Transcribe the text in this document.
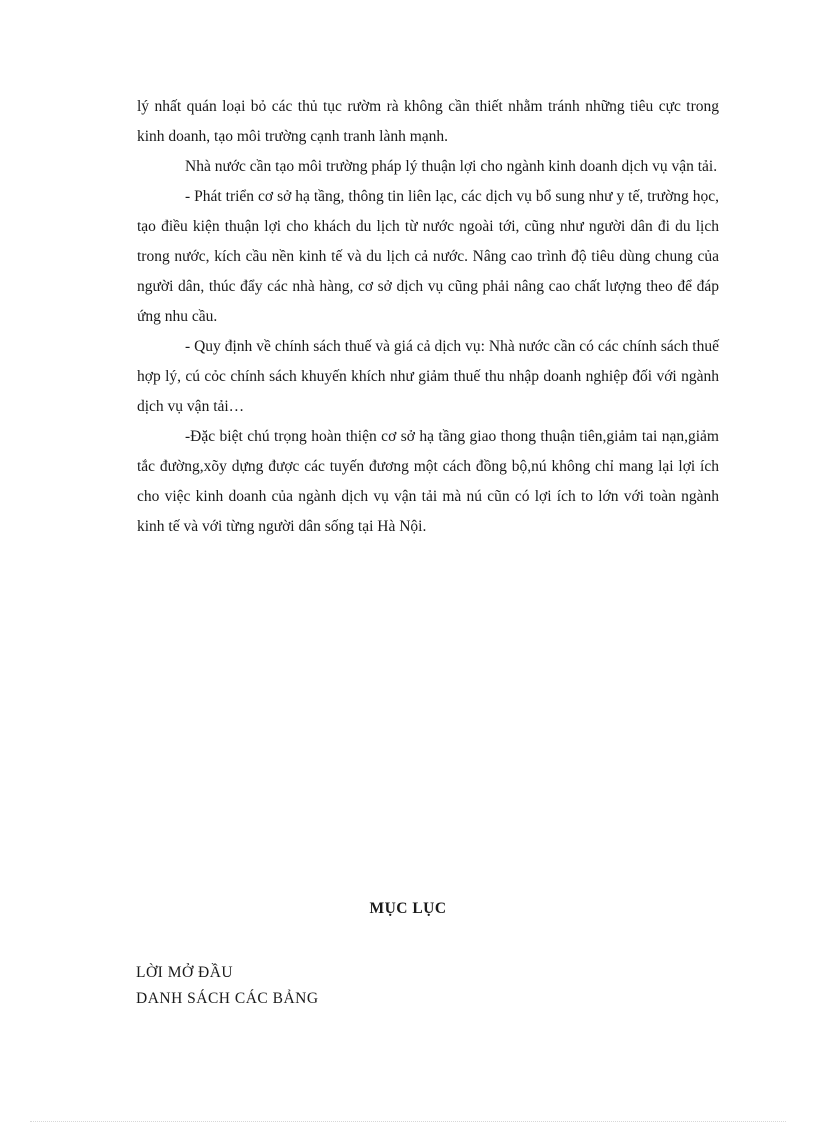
lý nhất quán loại bỏ các thủ tục rườm rà không cần thiết nhằm tránh những tiêu cực trong kinh doanh, tạo môi trường cạnh tranh lành mạnh.

Nhà nước cần tạo môi trường pháp lý thuận lợi cho ngành kinh doanh dịch vụ vận tải.

- Phát triển cơ sở hạ tầng, thông tin liên lạc, các dịch vụ bổ sung như y tế, trường học, tạo điều kiện thuận lợi cho khách du lịch từ nước ngoài tới, cũng như người dân đi du lịch trong nước, kích cầu nền kinh tế và du lịch cả nước. Nâng cao trình độ tiêu dùng chung của người dân, thúc đẩy các nhà hàng, cơ sở dịch vụ cũng phải nâng cao chất lượng theo để đáp ứng nhu cầu.

- Quy định về chính sách thuế và giá cả dịch vụ: Nhà nước cần có các chính sách thuế hợp lý, cú cỏc chính sách khuyến khích như giảm thuế thu nhập doanh nghiệp đối với ngành dịch vụ vận tải…

-Đặc biệt chú trọng hoàn thiện cơ sở hạ tầng giao thong thuận tiên,giảm tai nạn,giảm tắc đường,xõy dựng được các tuyến đương một cách đồng bộ,nú không chỉ mang lại lợi ích cho việc kinh doanh của ngành dịch vụ vận tải mà nú cũn có lợi ích to lớn với toàn ngành kinh tế và với từng người dân sống tại Hà Nội.

MỤC LỤC

LỜI MỞ ĐẦU

DANH SÁCH CÁC BẢNG
